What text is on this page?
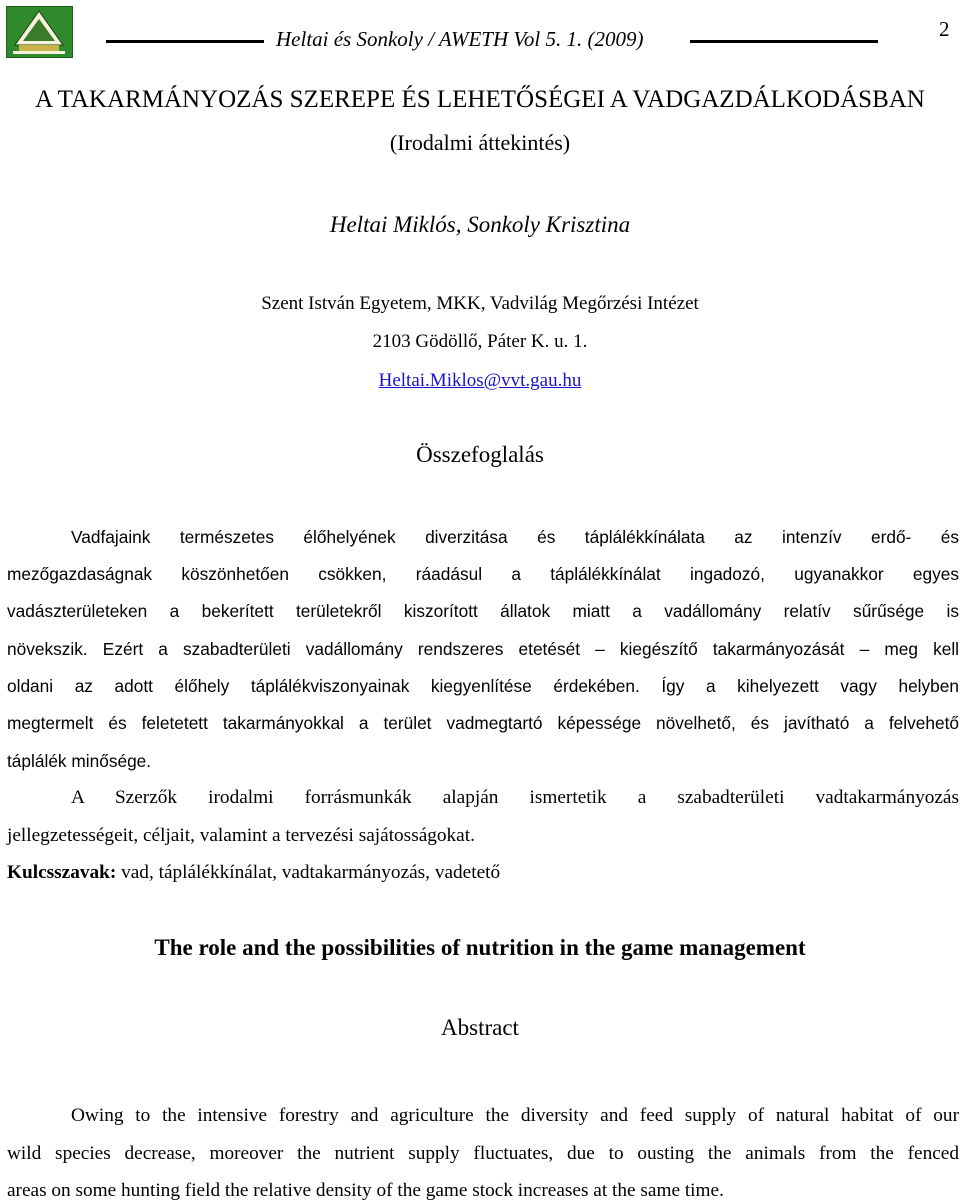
Heltai és Sonkoly / AWETH Vol 5. 1. (2009)	2
A TAKARMÁNYOZÁS SZEREPE ÉS LEHETŐSÉGEI A VADGAZDÁLKODÁSBAN
(Irodalmi áttekintés)
Heltai Miklós, Sonkoly Krisztina
Szent István Egyetem, MKK, Vadvilág Megőrzési Intézet
2103 Gödöllő, Páter K. u. 1.
Heltai.Miklos@vvt.gau.hu
Összefoglalás
Vadfajaink természetes élőhelyének diverzitása és táplálékkínálata az intenzív erdő- és
mezőgazdaságnak köszönhetően csökken, ráadásul a táplálékkínálat ingadozó, ugyanakkor egyes
vadászterületeken a bekerített területekről kiszorított állatok miatt a vadállomány relatív sűrűsége is
növekszik. Ezért a szabadterületi vadállomány rendszeres etetését – kiegészítő takarmányozását – meg kell
oldani az adott élőhely táplálékviszonyainak kiegyenlítése érdekében. Így a kihelyezett vagy helyben
megtermelt és feletetett takarmányokkal a terület vadmegtartó képessége növelhető, és javítható a felvehető
táplálék minősége.
A Szerzők irodalmi forrásmunkák alapján ismertetik a szabadterületi vadtakarmányozás
jellegzetességeit, céljait, valamint a tervezési sajátosságokat.
Kulcsszavak: vad, táplálékkínálat, vadtakarmányozás, vadetető
The role and the possibilities of nutrition in the game management
Abstract
Owing to the intensive forestry and agriculture the diversity and feed supply of natural habitat of our
wild species decrease, moreover the nutrient supply fluctuates, due to ousting the animals from the fenced
areas on some hunting field the relative density of the game stock increases at the same time.
